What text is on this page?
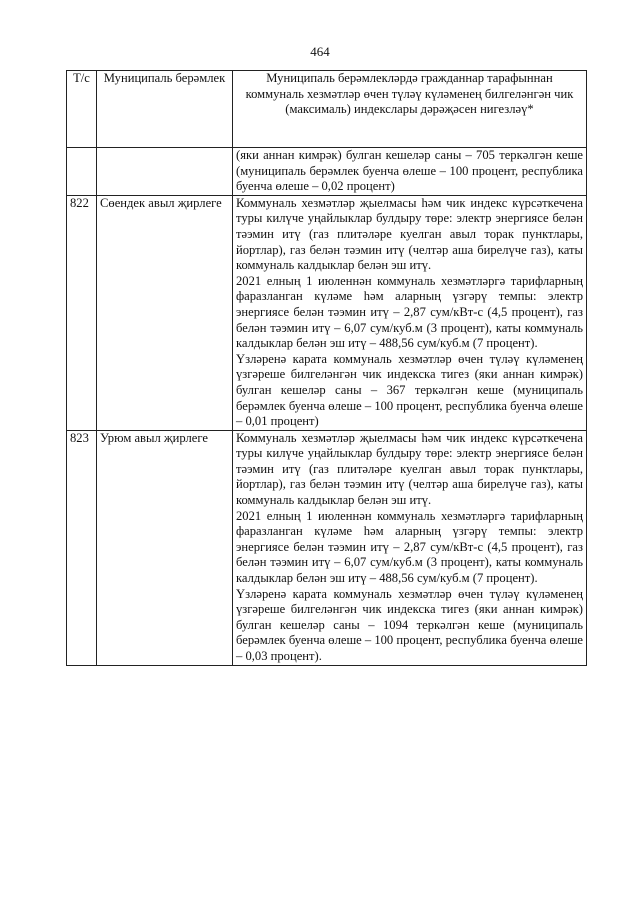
464
Т/с	Муниципаль берәмлек	Муниципаль берәмлекләрдә гражданнар тарафыннан коммуналь хезмәтләр өчен түләү күләменең билгеләнгән чик (максималь) индекслары дәрәҗәсен нигезләү*

		(яки аннан кимрәк) булган кешеләр саны – 705 теркәлгән кеше (муниципаль берәмлек буенча өлеше – 100 процент, республика буенча өлеше – 0,02 процент)

822	Сөендек авыл җирлеге	Коммуналь хезмәтләр җыелмасы һәм чик индекс күрсәткечена туры килүче уңайлыклар булдыру төре: электр энергиясе белән тәэмин итү (газ плитәләре куелган авыл торак пунктлары, йортлар), газ белән тәэмин итү (челтәр аша бирелүче газ), каты коммуналь калдыклар белән эш итү.

2021 елның 1 июленнән коммуналь хезмәтләргә тарифларның фаразланган күләме һәм аларның үзгәрү темпы: электр энергиясе белән тәэмин итү – 2,87 сум/кВт-с (4,5 процент), газ белән тәэмин итү – 6,07 сум/куб.м (3 процент), каты коммуналь калдыклар белән эш итү – 488,56 сум/куб.м (7 процент).

Үзләренә карата коммуналь хезмәтләр өчен түләү күләменең үзгәреше билгеләнгән чик индекска тигез (яки аннан кимрәк) булган кешеләр саны – 367 теркәлгән кеше (муниципаль берәмлек буенча өлеше – 100 процент, республика буенча өлеше – 0,01 процент)

823	Урюм авыл җирлеге	Коммуналь хезмәтләр җыелмасы һәм чик индекс күрсәткечена туры килүче уңайлыклар булдыру төре: электр энергиясе белән тәэмин итү (газ плитәләре куелган авыл торак пунктлары, йортлар), газ белән тәэмин итү (челтәр аша бирелүче газ), каты коммуналь калдыклар белән эш итү.

2021 елның 1 июленнән коммуналь хезмәтләргә тарифларның фаразланган күләме һәм аларның үзгәрү темпы: электр энергиясе белән тәэмин итү – 2,87 сум/кВт-с (4,5 процент), газ белән тәэмин итү – 6,07 сум/куб.м (3 процент), каты коммуналь калдыклар белән эш итү – 488,56 сум/куб.м (7 процент).

Үзләренә карата коммуналь хезмәтләр өчен түләү күләменең үзгәреше билгеләнгән чик индекска тигез (яки аннан кимрәк) булган кешеләр саны – 1094 теркәлгән кеше (муниципаль берәмлек буенча өлеше – 100 процент, республика буенча өлеше – 0,03 процент).
